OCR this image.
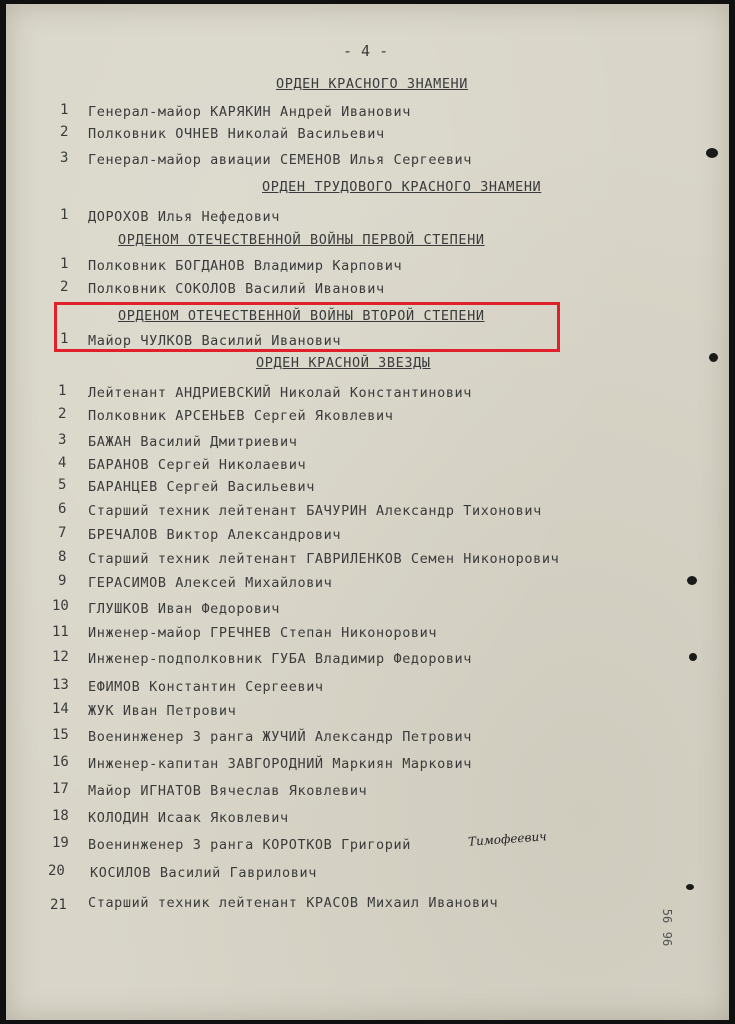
- 4 -
ОРДЕН КРАСНОГО ЗНАМЕНИ
1 Генерал-майор КАРЯКИН Андрей Иванович
2 Полковник ОЧНЕВ Николай Васильевич
3 Генерал-майор авиации СЕМЕНОВ Илья Сергеевич
ОРДЕН ТРУДОВОГО КРАСНОГО ЗНАМЕНИ
1 ДОРОХОВ Илья Нефедович
ОРДЕНОМ ОТЕЧЕСТВЕННОЙ ВОЙНЫ ПЕРВОЙ СТЕПЕНИ
1 Полковник БОГДАНОВ Владимир Карпович
2 Полковник СОКОЛОВ Василий Иванович
ОРДЕНОМ ОТЕЧЕСТВЕННОЙ ВОЙНЫ ВТОРОЙ СТЕПЕНИ
1 Майор ЧУЛКОВ Василий Иванович
ОРДЕН КРАСНОЙ ЗВЕЗДЫ
1 Лейтенант АНДРИЕВСКИЙ Николай Константинович
2 Полковник АРСЕНЬЕВ Сергей Яковлевич
3 БАЖАН Василий Дмитриевич
4 БАРАНОВ Сергей Николаевич
5 БАРАНЦЕВ Сергей Васильевич
6 Старший техник лейтенант БАЧУРИН Александр Тихонович
7 БРЕЧАЛОВ Виктор Александрович
8 Старший техник лейтенант ГАВРИЛЕНКОВ Семен Никонорович
9 ГЕРАСИМОВ Алексей Михайлович
10 ГЛУШКОВ Иван Федорович
11 Инженер-майор ГРЕЧНЕВ Степан Никонорович
12 Инженер-подполковник ГУБА Владимир Федорович
13 ЕФИМОВ Константин Сергеевич
14 ЖУК Иван Петрович
15 Военинженер 3 ранга ЖУЧИЙ Александр Петрович
16 Инженер-капитан ЗАВГОРОДНИЙ Маркиян Маркович
17 Майор ИГНАТОВ Вячеслав Яковлевич
18 КОЛОДИН Исаак Яковлевич
19 Военинженер 3 ранга КОРОТКОВ Григорий	Тимофеевич
20 КОСИЛОВ Василий Гаврилович
21 Старший техник лейтенант КРАСОВ Михаил Иванович
56
96
